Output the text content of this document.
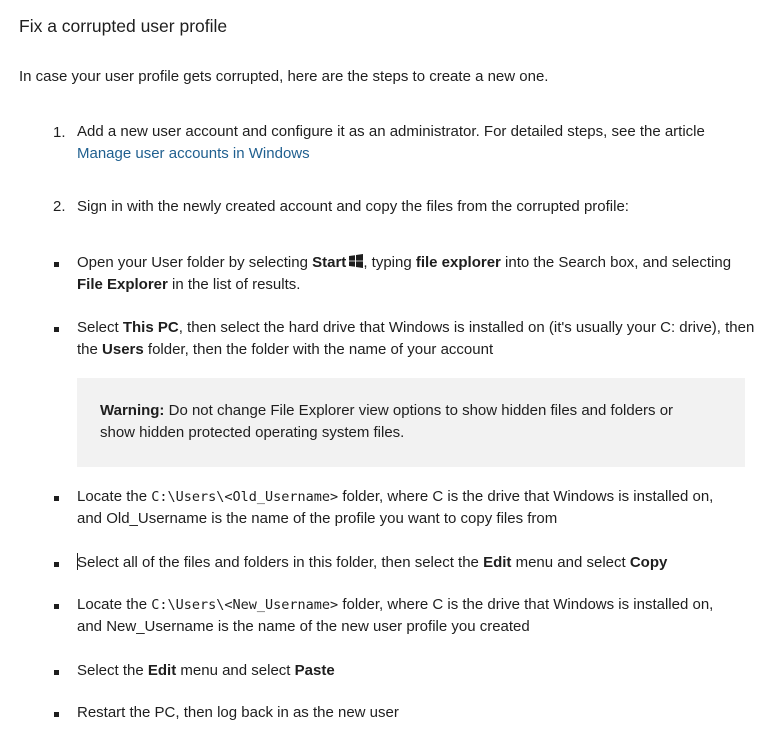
Fix a corrupted user profile

In case your user profile gets corrupted, here are the steps to create a new one.

1. Add a new user account and configure it as an administrator. For detailed steps, see the article
Manage user accounts in Windows

2. Sign in with the newly created account and copy the files from the corrupted profile:

Open your User folder by selecting Start , typing file explorer into the Search box, and selecting
File Explorer in the list of results.

Select This PC, then select the hard drive that Windows is installed on (it's usually your C: drive), then
the Users folder, then the folder with the name of your account

Warning: Do not change File Explorer view options to show hidden files and folders or
show hidden protected operating system files.

Locate the C:\Users\<Old_Username> folder, where C is the drive that Windows is installed on,
and Old_Username is the name of the profile you want to copy files from

Select all of the files and folders in this folder, then select the Edit menu and select Copy

Locate the C:\Users\<New_Username> folder, where C is the drive that Windows is installed on,
and New_Username is the name of the new user profile you created

Select the Edit menu and select Paste

Restart the PC, then log back in as the new user
